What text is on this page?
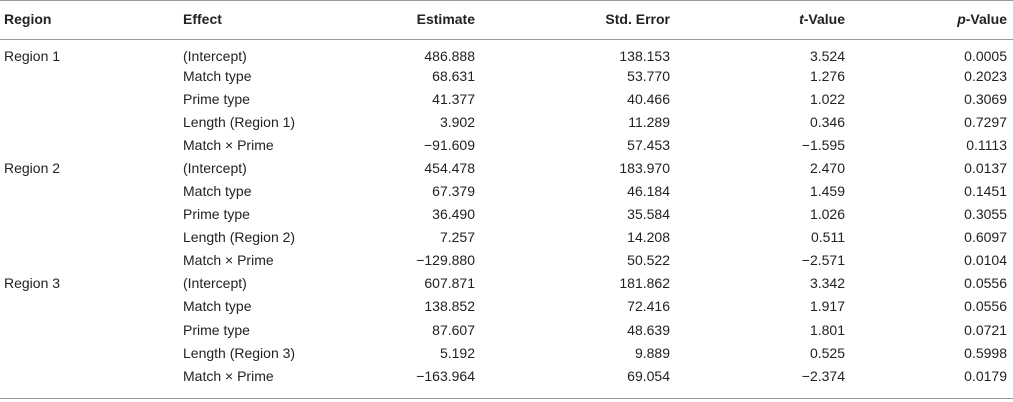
Region	Effect	Estimate	Std. Error	t-Value	p-Value
Region 1	(Intercept)	486.888	138.153	3.524	0.0005
	Match type	68.631	53.770	1.276	0.2023
	Prime type	41.377	40.466	1.022	0.3069
	Length (Region 1)	3.902	11.289	0.346	0.7297
	Match × Prime	−91.609	57.453	−1.595	0.1113
Region 2	(Intercept)	454.478	183.970	2.470	0.0137
	Match type	67.379	46.184	1.459	0.1451
	Prime type	36.490	35.584	1.026	0.3055
	Length (Region 2)	7.257	14.208	0.511	0.6097
	Match × Prime	−129.880	50.522	−2.571	0.0104
Region 3	(Intercept)	607.871	181.862	3.342	0.0556
	Match type	138.852	72.416	1.917	0.0556
	Prime type	87.607	48.639	1.801	0.0721
	Length (Region 3)	5.192	9.889	0.525	0.5998
	Match × Prime	−163.964	69.054	−2.374	0.0179
